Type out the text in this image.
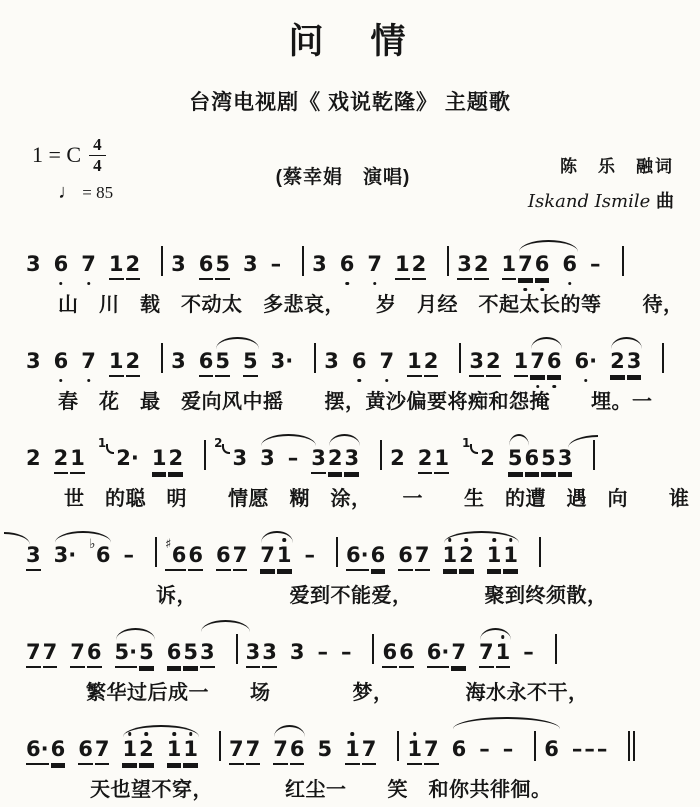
问　情
台湾电视剧《 戏说乾隆》 主题歌
1 = C $\frac{4}{4}$
♩ = 85
(蔡幸娟　演唱)
陈　乐　融词
Iskand Ismile 曲
3 6 7 12 3 65 3 – 3 6 7 12 32 17
6 6 –
山　川　载　不动太　多悲哀，　　岁　月经　不起太长的等　　待，
3 6 7 12 3 65 5 3· 3 6 7 12 32 17
6 6· 23
春　花　最　爱向风中摇　　摆，黄沙偏要将痴和怨掩　　埋。一
2 $21^12\cdot 12^23$ 3 – 323 2 $21^12$ 5653
世　的聪　明　　情愿　糊　涂，　　一　　生　的遭　遇　向　　谁
3 3· ♭6 – ♯66 67 71 – 6·6 67 1
2 1
1
诉，　　　　　爱到不能爱，　　　　聚到终须散，
77 76 5·5 653 33 3 – – 66 6·7 71 –
繁华过后成一　　场　　　　梦，　　　　海水永不干，
6·6 67 1
2 1
1 77 76 5 1
7 1
7 6 – – 6 –––
天也望不穿，　　　　红尘一　　笑　和你共徘徊。
